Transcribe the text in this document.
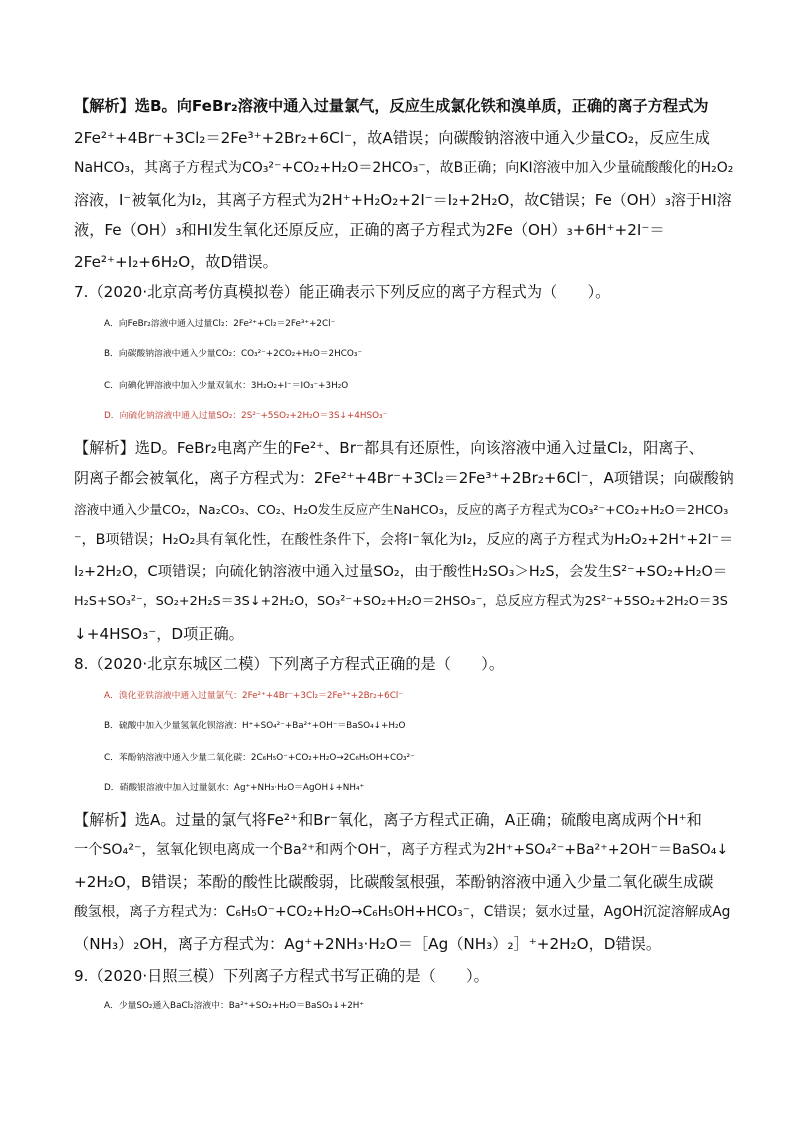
【解析】选B。向FeBr₂溶液中通入过量氯气，反应生成氯化铁和溴单质，正确的离子方程式为
2Fe²⁺+4Br⁻+3Cl₂＝2Fe³⁺+2Br₂+6Cl⁻，故A错误；向碳酸钠溶液中通入少量CO₂，反应生成
NaHCO₃，其离子方程式为CO₃²⁻+CO₂+H₂O＝2HCO₃⁻，故B正确；向KI溶液中加入少量硫酸酸化的H₂O₂
溶液，I⁻被氧化为I₂，其离子方程式为2H⁺+H₂O₂+2I⁻＝I₂+2H₂O，故C错误；Fe（OH）₃溶于HI溶
液，Fe（OH）₃和HI发生氧化还原反应，正确的离子方程式为2Fe（OH）₃+6H⁺+2I⁻＝
2Fe²⁺+I₂+6H₂O，故D错误。
7.（2020·北京高考仿真模拟卷）能正确表示下列反应的离子方程式为（　　）。
A．向FeBr₂溶液中通入过量Cl₂：2Fe²⁺+Cl₂＝2Fe³⁺+2Cl⁻
B．向碳酸钠溶液中通入少量CO₂：CO₃²⁻+2CO₂+H₂O＝2HCO₃⁻
C．向碘化钾溶液中加入少量双氧水：3H₂O₂+I⁻＝IO₃⁻+3H₂O
D．向硫化钠溶液中通入过量SO₂：2S²⁻+5SO₂+2H₂O＝3S↓+4HSO₃⁻
【解析】选D。FeBr₂电离产生的Fe²⁺、Br⁻都具有还原性，向该溶液中通入过量Cl₂，阳离子、
阴离子都会被氧化，离子方程式为：2Fe²⁺+4Br⁻+3Cl₂＝2Fe³⁺+2Br₂+6Cl⁻，A项错误；向碳酸钠
溶液中通入少量CO₂，Na₂CO₃、CO₂、H₂O发生反应产生NaHCO₃，反应的离子方程式为CO₃²⁻+CO₂+H₂O＝2HCO₃
⁻，B项错误；H₂O₂具有氧化性，在酸性条件下，会将I⁻氧化为I₂，反应的离子方程式为H₂O₂+2H⁺+2I⁻＝
I₂+2H₂O，C项错误；向硫化钠溶液中通入过量SO₂，由于酸性H₂SO₃＞H₂S，会发生S²⁻+SO₂+H₂O＝
H₂S+SO₃²⁻，SO₂+2H₂S＝3S↓+2H₂O，SO₃²⁻+SO₂+H₂O＝2HSO₃⁻，总反应方程式为2S²⁻+5SO₂+2H₂O＝3S
↓+4HSO₃⁻，D项正确。
8.（2020·北京东城区二模）下列离子方程式正确的是（　　）。
A．溴化亚铁溶液中通入过量氯气：2Fe²⁺+4Br⁻+3Cl₂＝2Fe³⁺+2Br₂+6Cl⁻
B．硫酸中加入少量氢氧化钡溶液：H⁺+SO₄²⁻+Ba²⁺+OH⁻＝BaSO₄↓+H₂O
C．苯酚钠溶液中通入少量二氧化碳：2C₆H₅O⁻+CO₂+H₂O→2C₆H₅OH+CO₃²⁻
D．硝酸银溶液中加入过量氨水：Ag⁺+NH₃·H₂O＝AgOH↓+NH₄⁺
【解析】选A。过量的氯气将Fe²⁺和Br⁻氧化，离子方程式正确，A正确；硫酸电离成两个H⁺和
一个SO₄²⁻，氢氧化钡电离成一个Ba²⁺和两个OH⁻，离子方程式为2H⁺+SO₄²⁻+Ba²⁺+2OH⁻＝BaSO₄↓
+2H₂O，B错误；苯酚的酸性比碳酸弱，比碳酸氢根强，苯酚钠溶液中通入少量二氧化碳生成碳
酸氢根，离子方程式为：C₆H₅O⁻+CO₂+H₂O→C₆H₅OH+HCO₃⁻，C错误；氨水过量，AgOH沉淀溶解成Ag
（NH₃）₂OH，离子方程式为：Ag⁺+2NH₃·H₂O＝［Ag（NH₃）₂］⁺+2H₂O，D错误。
9.（2020·日照三模）下列离子方程式书写正确的是（　　）。
A．少量SO₂通入BaCl₂溶液中：Ba²⁺+SO₂+H₂O＝BaSO₃↓+2H⁺
